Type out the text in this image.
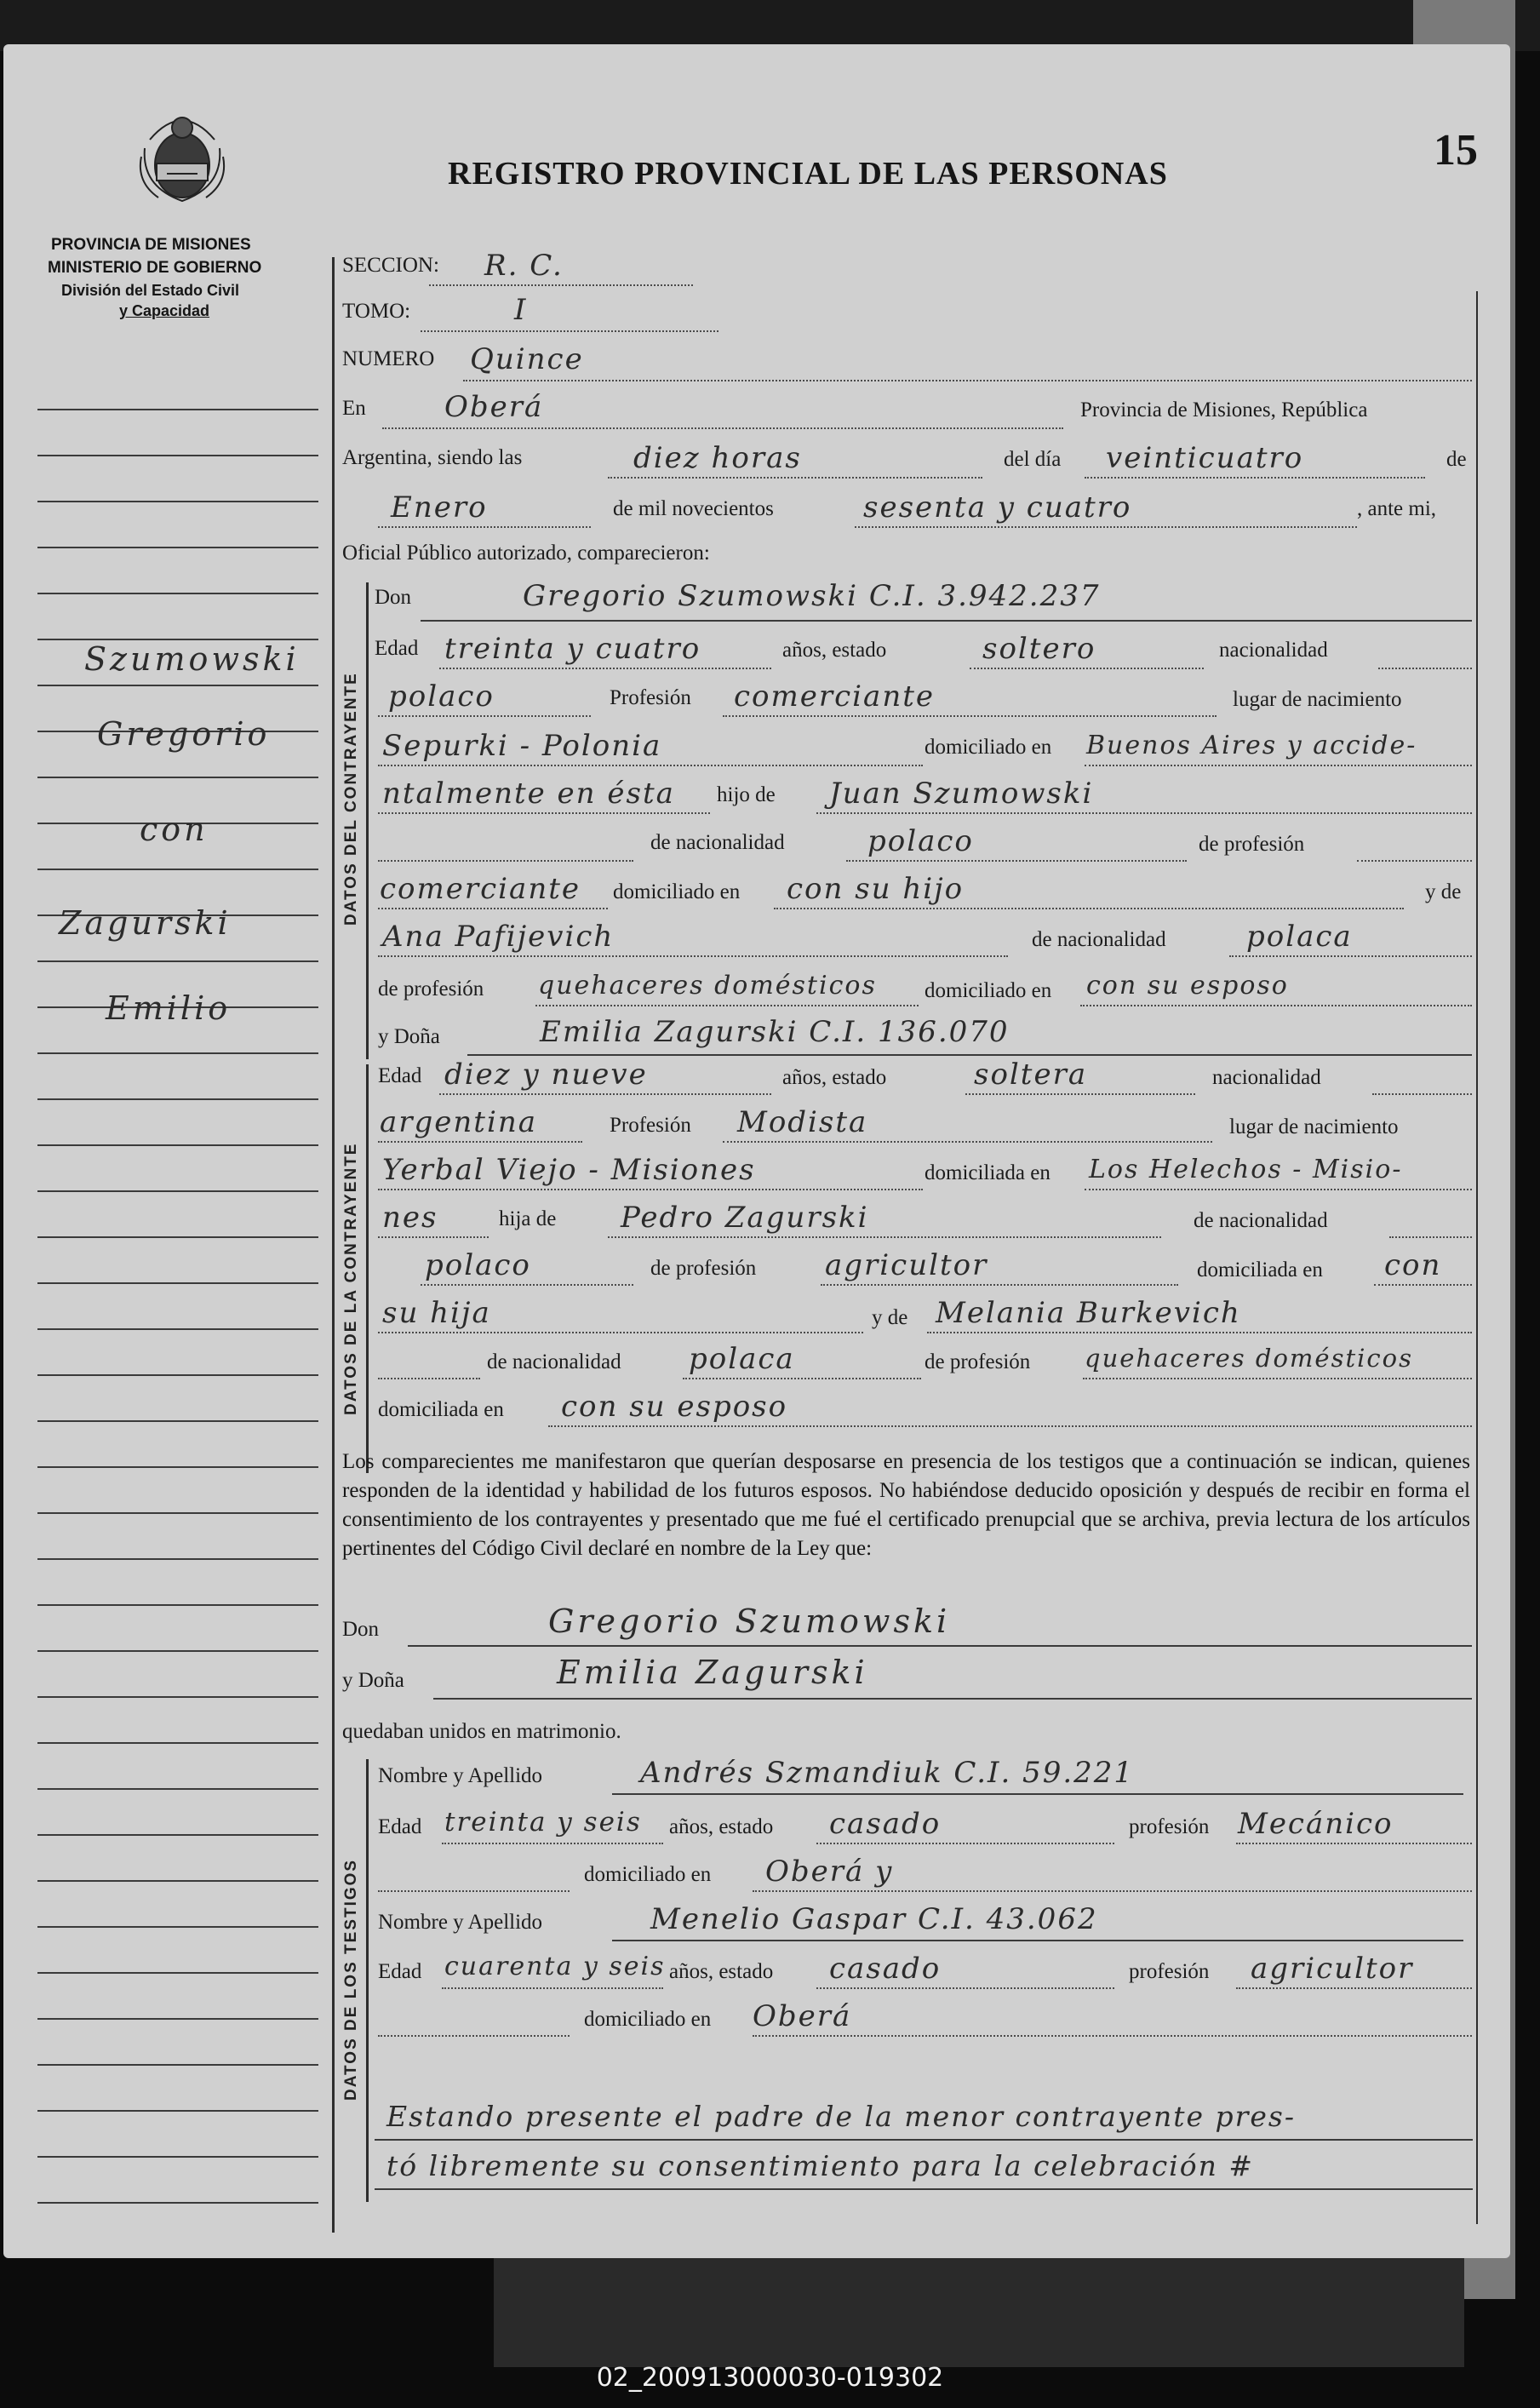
REGISTRO PROVINCIAL DE LAS PERSONAS	15
PROVINCIA DE MISIONES
MINISTERIO DE GOBIERNO
División del Estado Civil
y Capacidad
Szumowski
Gregorio
con
Zagurski
Emilio
SECCION: R. C.
TOMO:	I
NUMERO Quince
En	Oberá	Provincia de Misiones, República
Argentina, siendo las	diez horas	del día veinticuatro	de
Enero	de mil novecientos	sesenta y cuatro	, ante mi,
Oficial Público autorizado, comparecieron:
DATOS DEL CONTRAYENTE
Don	Gregorio Szumowski C.I. 3.942.237
Edad treinta y cuatro	años, estado	soltero	nacionalidad
polaco	Profesión comerciante	lugar de nacimiento
Sepurki - Polonia	domiciliado en Buenos Aires y accide-
ntalmente en ésta hijo de Juan Szumowski
de nacionalidad	polaco	de profesión
comerciante domiciliado en con su hijo	y de
Ana Pafijevich	de nacionalidad	polaca
de profesión quehaceres domésticos domiciliado en con su esposo
DATOS DE LA CONTRAYENTE
y Doña	Emilia Zagurski C.I. 136.070
Edad diez y nueve	años, estado	soltera	nacionalidad
argentina	Profesión Modista	lugar de nacimiento
Yerbal Viejo - Misiones	domiciliada en Los Helechos - Misio-
nes	hija de Pedro Zagurski	de nacionalidad
polaco	de profesión agricultor	domiciliada en con
su hija	y de Melania Burkevich
de nacionalidad polaca	de profesión quehaceres domésticos
domiciliada en con su esposo
Los comparecientes me manifestaron que querían desposarse en presencia de los testigos que a continuación se indican, quienes responden de la identidad y habilidad de los futuros esposos. No habiéndose deducido oposición y después de recibir en forma el consentimiento de los contrayentes y presentado que me fué el certificado prenupcial que se archiva, previa lectura de los artículos pertinentes del Código Civil declaré en nombre de la Ley que:
Don	Gregorio Szumowski
y Doña	Emilia Zagurski
quedaban unidos en matrimonio.
DATOS DE LOS TESTIGOS
Nombre y Apellido	Andrés Szmandiuk C.I. 59.221
Edad treinta y seis años, estado casado	profesión Mecánico
domiciliado en Oberá y
Nombre y Apellido	Menelio Gaspar C.I. 43.062
Edad cuarenta y seis años, estado casado	profesión agricultor
domiciliado en Oberá
Estando presente el padre de la menor contrayente pres-
tó libremente su consentimiento para la celebración #
02_200913000030-019302
